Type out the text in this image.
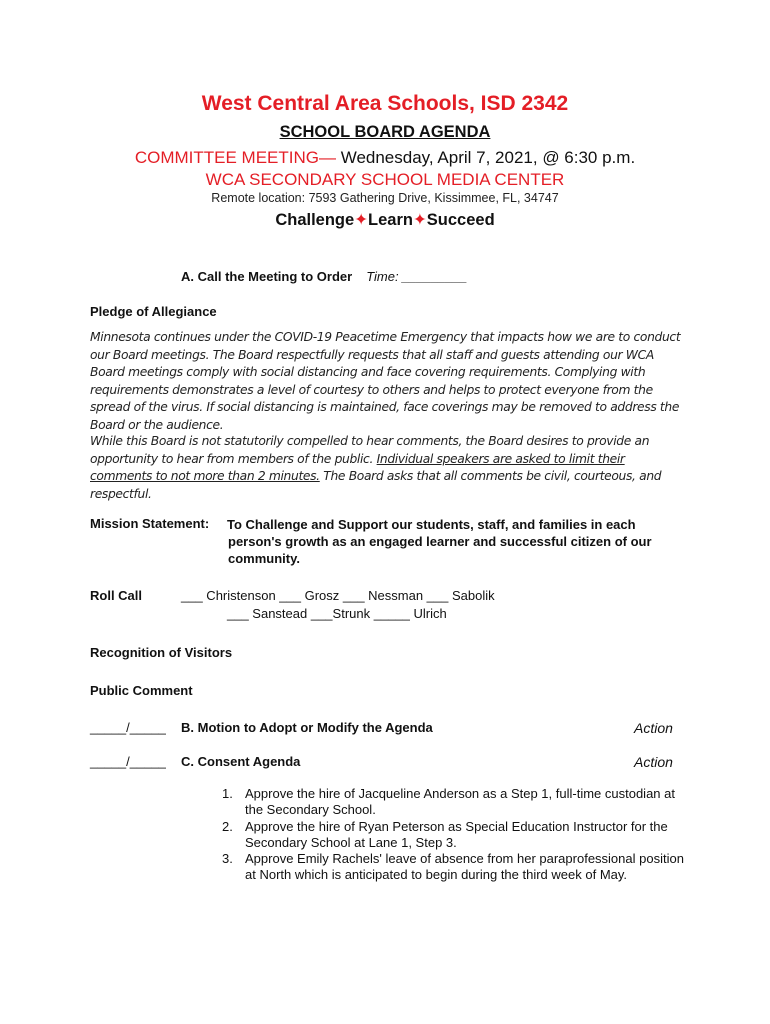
West Central Area Schools, ISD 2342
SCHOOL BOARD AGENDA
COMMITTEE MEETING— Wednesday, April 7, 2021, @ 6:30 p.m.
WCA SECONDARY SCHOOL MEDIA CENTER
Remote location: 7593 Gathering Drive, Kissimmee, FL, 34747
Challenge✦Learn✦Succeed
A. Call the Meeting to Order Time: _________
Pledge of Allegiance
Minnesota continues under the COVID-19 Peacetime Emergency that impacts how we are to conduct our Board meetings. The Board respectfully requests that all staff and guests attending our WCA Board meetings comply with social distancing and face covering requirements. Complying with requirements demonstrates a level of courtesy to others and helps to protect everyone from the spread of the virus. If social distancing is maintained, face coverings may be removed to address the Board or the audience.
While this Board is not statutorily compelled to hear comments, the Board desires to provide an opportunity to hear from members of the public. Individual speakers are asked to limit their comments to not more than 2 minutes. The Board asks that all comments be civil, courteous, and respectful.
Mission Statement: To Challenge and Support our students, staff, and families in each
person's growth as an engaged learner and successful citizen of our community.
Roll Call	___ Christenson ___ Grosz ___ Nessman ___ Sabolik
___ Sanstead ___Strunk _____ Ulrich
Recognition of Visitors
Public Comment
_____/_____ B. Motion to Adopt or Modify the Agenda	Action
_____/_____ C. Consent Agenda	Action
1. Approve the hire of Jacqueline Anderson as a Step 1, full-time custodian at the Secondary School.
2. Approve the hire of Ryan Peterson as Special Education Instructor for the Secondary School at Lane 1, Step 3.
3. Approve Emily Rachels' leave of absence from her paraprofessional position at North which is anticipated to begin during the third week of May.
